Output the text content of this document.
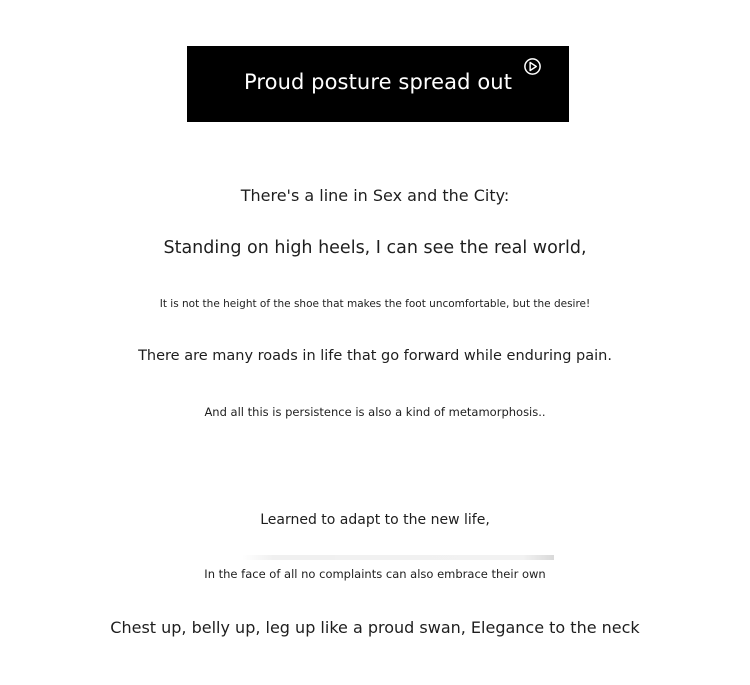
Proud posture spread out
There's a line in Sex and the City:
Standing on high heels, I can see the real world,
It is not the height of the shoe that makes the foot uncomfortable, but the desire!
There are many roads in life that go forward while enduring pain.
And all this is persistence is also a kind of metamorphosis..
Learned to adapt to the new life,
In the face of all no complaints can also embrace their own
Chest up, belly up, leg up like a proud swan, Elegance to the neck
